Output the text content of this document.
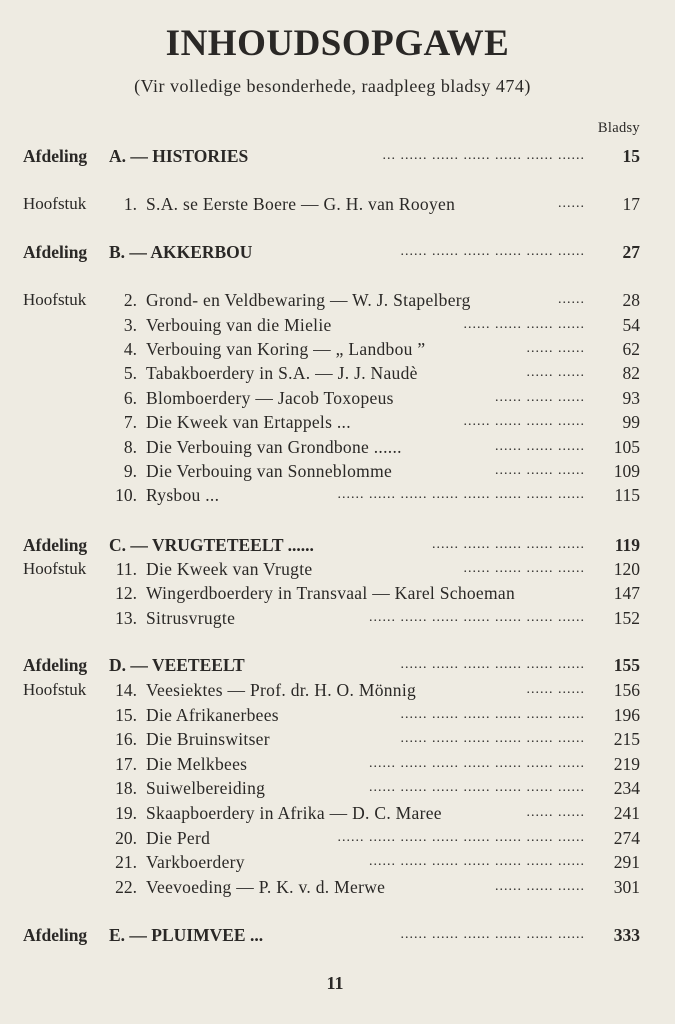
INHOUDSOPGAWE
(Vir volledige besonderhede, raadpleeg bladsy 474)
Bladsy
Afdeling A. — HISTORIES	... ...... ...... ...... ...... ...... ...... 15
Hoofstuk	1. S.A. se Eerste Boere — G. H. van Rooyen	...... 17
Afdeling B. — AKKERBOU	...... ...... ...... ...... ...... ...... 27
Hoofstuk	2. Grond- en Veldbewaring — W. J. Stapelberg	...... 28
3. Verbouing van die Mielie	...... ...... ...... ...... 54
4. Verbouing van Koring — „ Landbou ”	...... ...... 62
5. Tabakboerdery in S.A. — J. J. Naudè	...... ...... 82
6. Blomboerdery — Jacob Toxopeus	...... ...... ...... 93
7. Die Kweek van Ertappels ...	...... ...... ...... ...... 99
8. Die Verbouing van Grondbone ......	...... ...... ...... 105
9. Die Verbouing van Sonneblomme	...... ...... ...... 109
10. Rysbou ...	...... ...... ...... ...... ...... ...... ...... ...... 115
Afdeling C. — VRUGTETEELT ......	...... ...... ...... ...... ...... 119
Hoofstuk	11. Die Kweek van Vrugte	...... ...... ...... ...... 120
12. Wingerdboerdery in Transvaal — Karel Schoeman	147
13. Sitrusvrugte	...... ...... ...... ...... ...... ...... ...... 152
Afdeling D. — VEETEELT	...... ...... ...... ...... ...... ...... 155
Hoofstuk	14. Veesiektes — Prof. dr. H. O. Mönnig	...... ...... 156
15. Die Afrikanerbees	...... ...... ...... ...... ...... ...... 196
16. Die Bruinswitser	...... ...... ...... ...... ...... ...... 215
17. Die Melkbees	...... ...... ...... ...... ...... ...... ...... 219
18. Suiwelbereiding	...... ...... ...... ...... ...... ...... ...... 234
19. Skaapboerdery in Afrika — D. C. Maree	...... ...... 241
20. Die Perd	...... ...... ...... ...... ...... ...... ...... ...... 274
21. Varkboerdery	...... ...... ...... ...... ...... ...... ...... 291
22. Veevoeding — P. K. v. d. Merwe	...... ...... ...... 301
Afdeling E. — PLUIMVEE ...	...... ...... ...... ...... ...... ...... 333
11
